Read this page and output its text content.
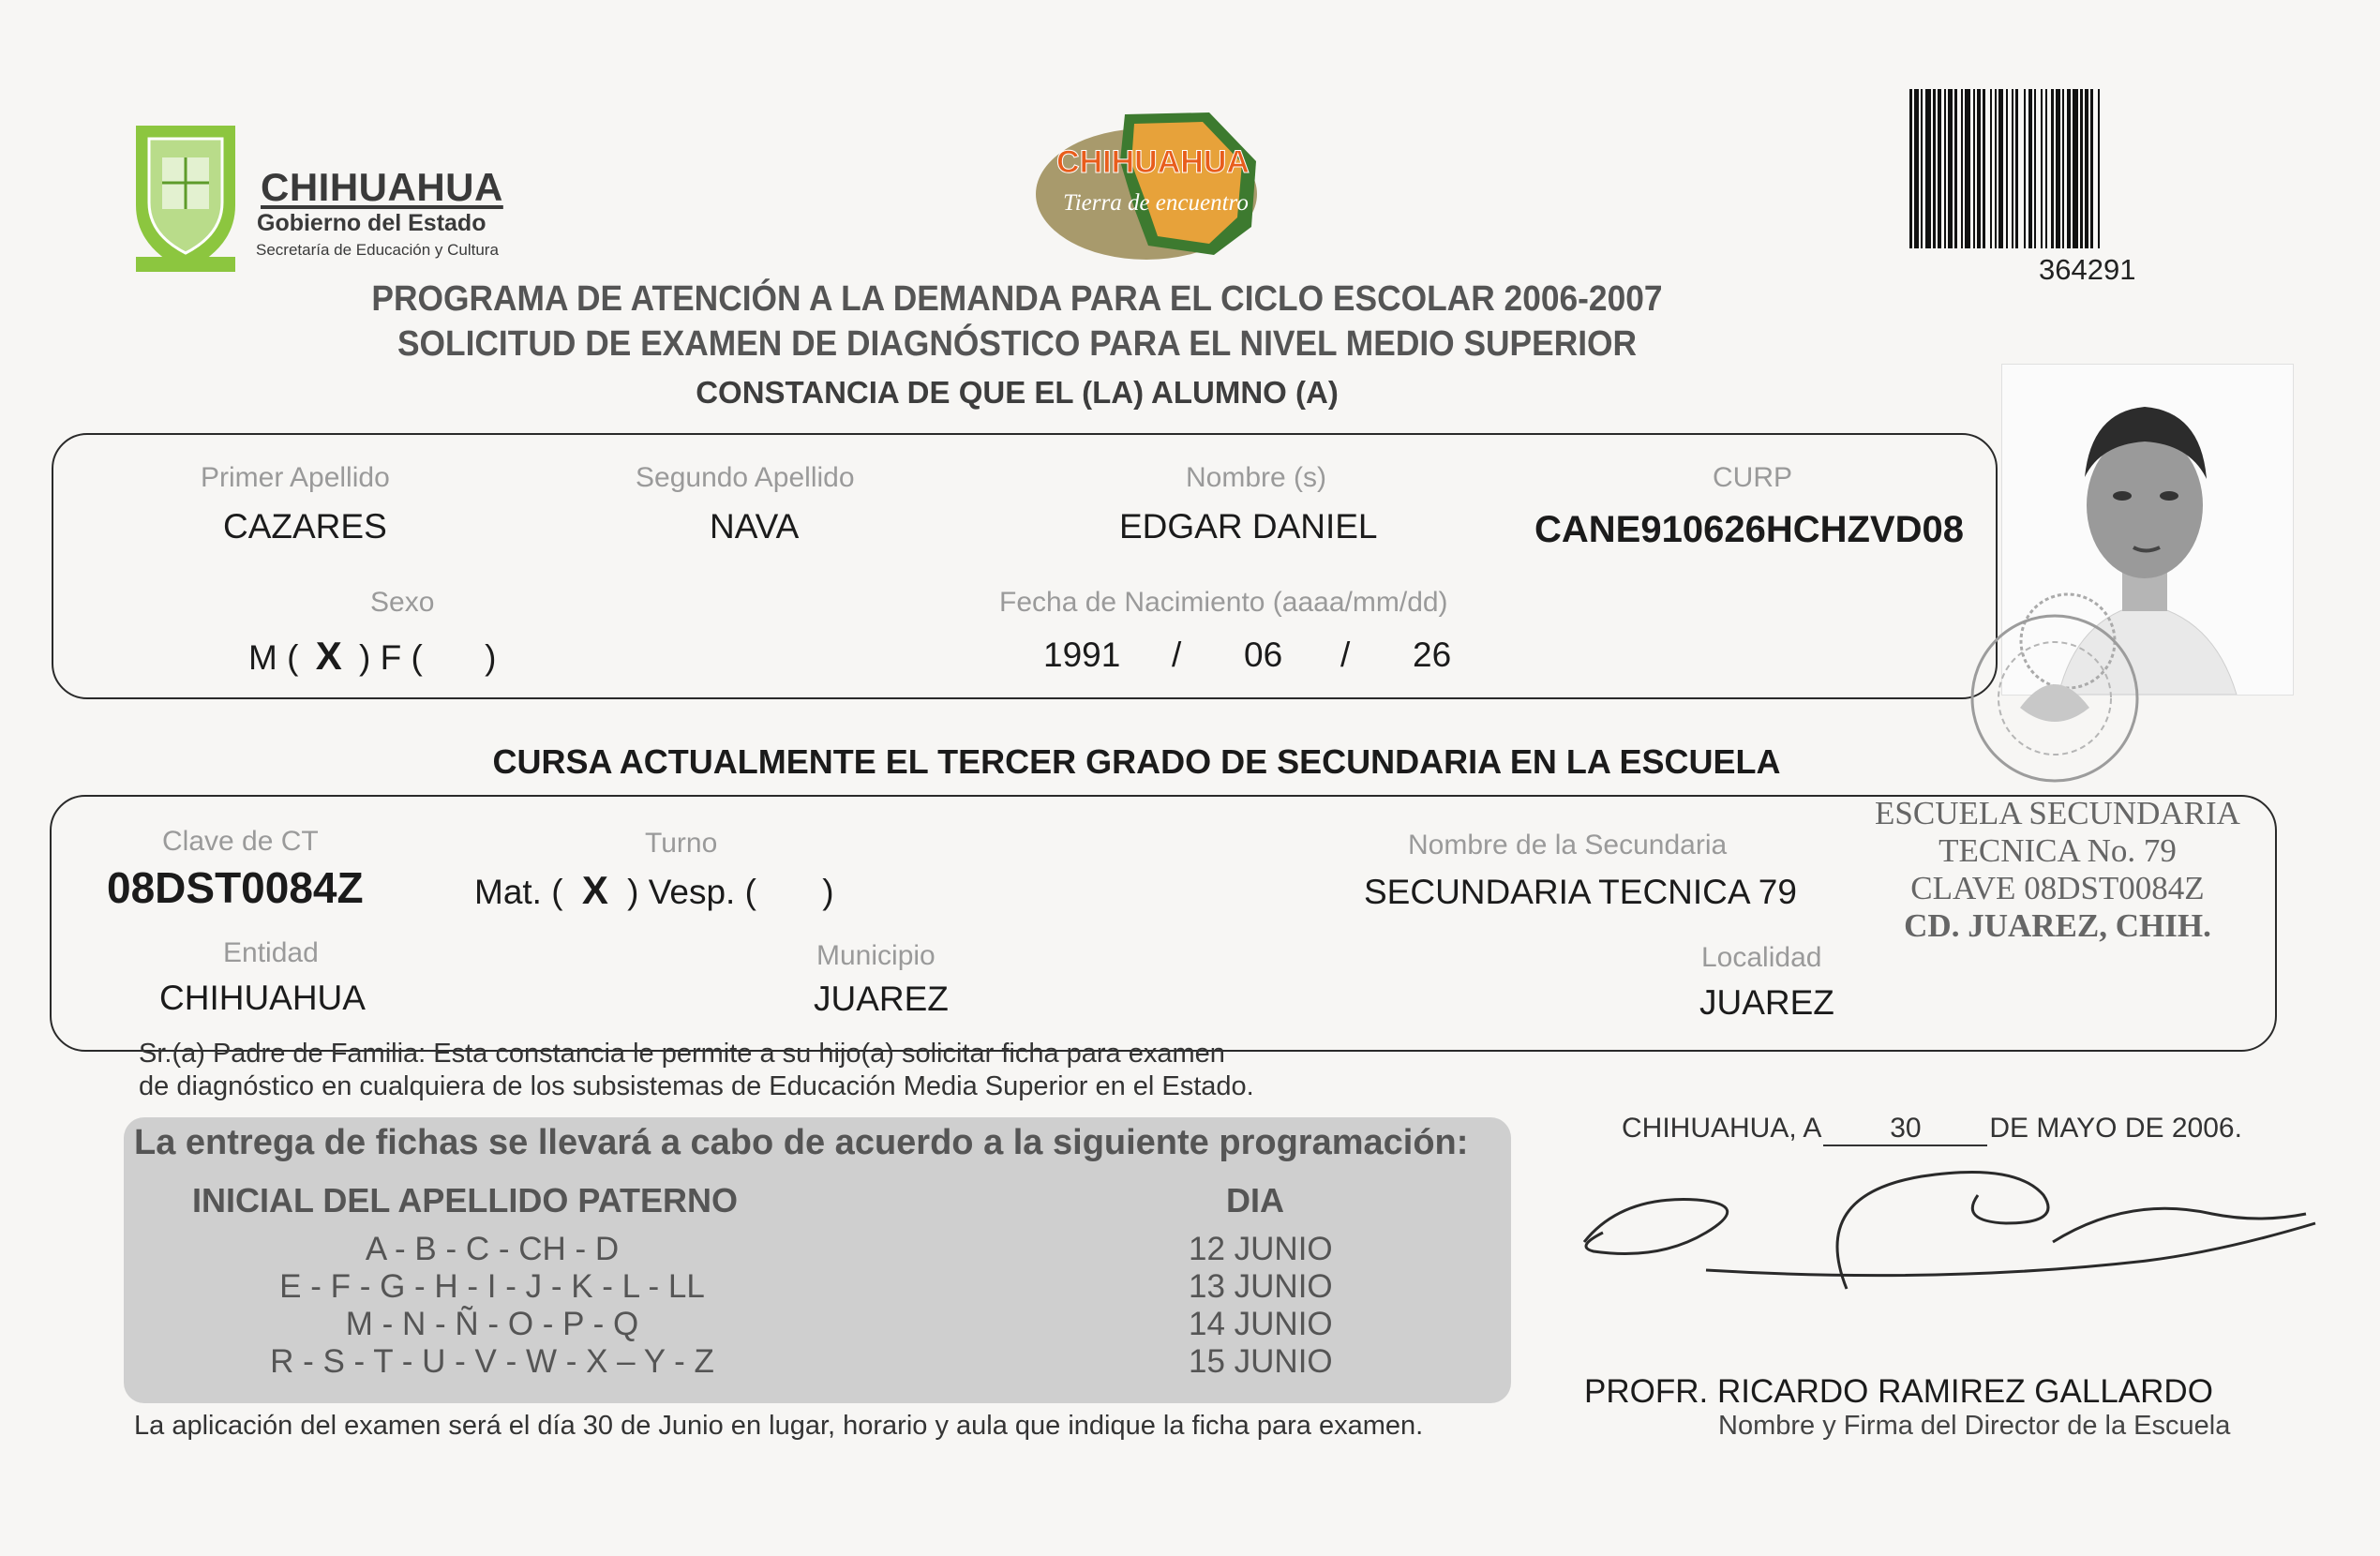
CHIHUAHUA
Gobierno del Estado
Secretaría de Educación y Cultura
CHIHUAHUA
Tierra de encuentro
364291
PROGRAMA DE ATENCIÓN A LA DEMANDA PARA EL CICLO ESCOLAR 2006-2007
SOLICITUD DE EXAMEN DE DIAGNÓSTICO PARA EL NIVEL MEDIO SUPERIOR
CONSTANCIA DE QUE EL (LA) ALUMNO (A)
Primer Apellido
CAZARES
Segundo Apellido
NAVA
Nombre (s)
EDGAR DANIEL
CURP
CANE910626HCHZVD08
Sexo
M ( X ) F ( )
Fecha de Nacimiento (aaaa/mm/dd)
1991 / 06 / 26
CURSA ACTUALMENTE EL TERCER GRADO DE SECUNDARIA EN LA ESCUELA
Clave de CT
08DST0084Z
Turno
Mat. ( X ) Vesp. ( )
Nombre de la Secundaria
SECUNDARIA TECNICA 79
Entidad
CHIHUAHUA
Municipio
JUAREZ
Localidad
JUAREZ
ESCUELA SECUNDARIA
TECNICA No. 79
CLAVE 08DST0084Z
CD. JUAREZ, CHIH.
Sr.(a) Padre de Familia: Esta constancia le permite a su hijo(a) solicitar ficha para examen
de diagnóstico en cualquiera de los subsistemas de Educación Media Superior en el Estado.
La entrega de fichas se llevará a cabo de acuerdo a la siguiente programación:
INICIAL DEL APELLIDO PATERNO	DIA
A - B - C - CH - D	12 JUNIO
E - F - G - H - I - J - K - L - LL	13 JUNIO
M - N - Ñ - O - P - Q	14 JUNIO
R - S - T - U - V - W - X – Y - Z	15 JUNIO
La aplicación del examen será el día 30 de Junio en lugar, horario y aula que indique la ficha para examen.
CHIHUAHUA, A 30 DE MAYO DE 2006.
PROFR. RICARDO RAMIREZ GALLARDO
Nombre y Firma del Director de la Escuela
